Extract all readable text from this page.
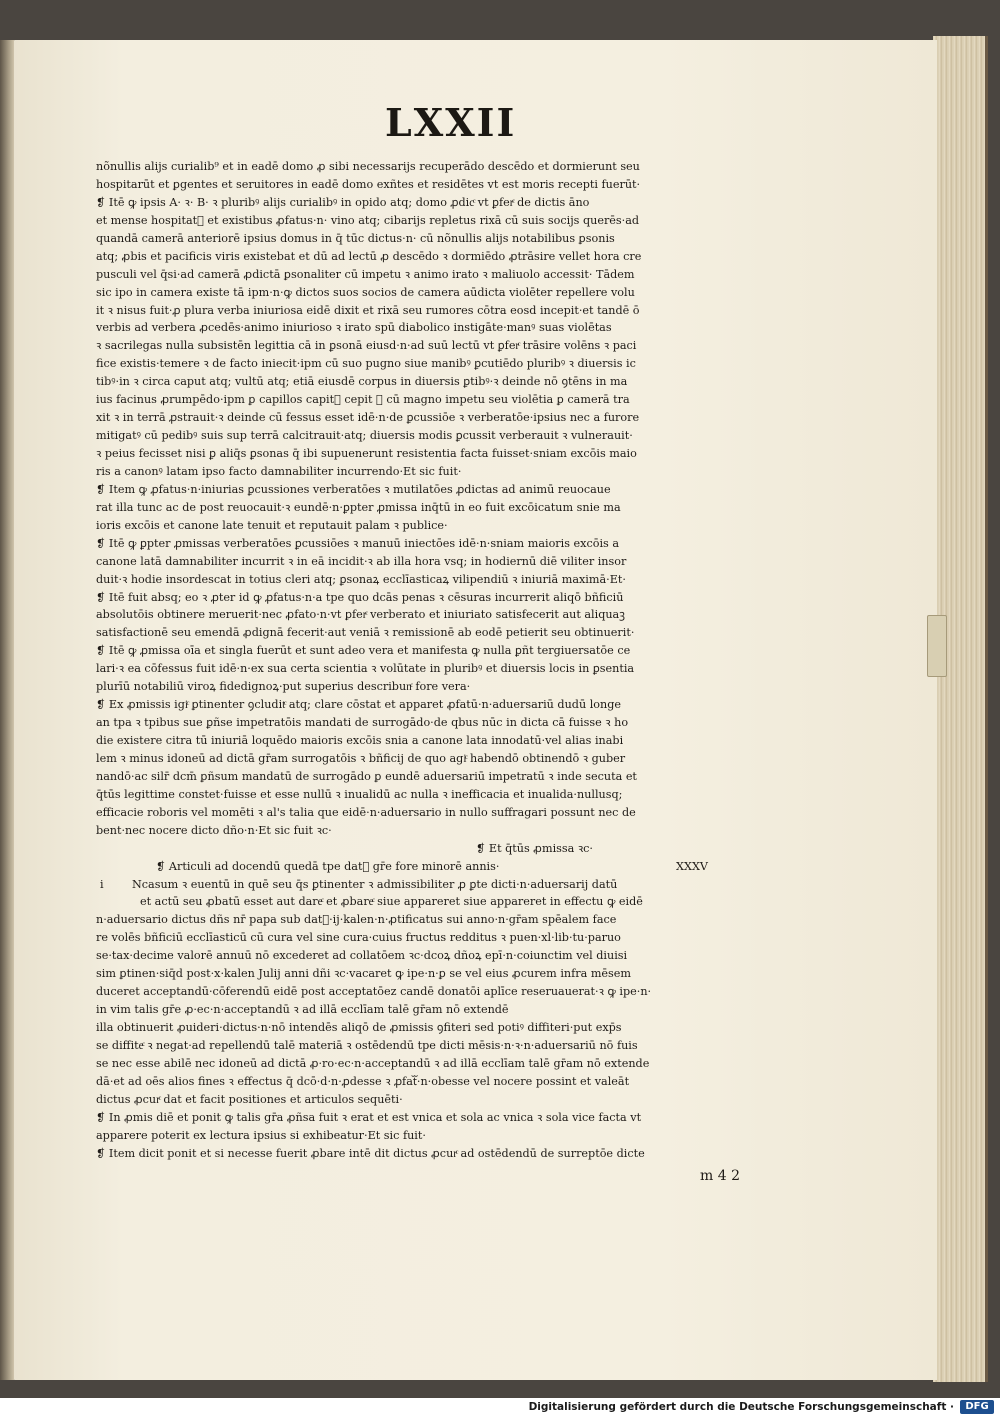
LXXII
nõnullis alijs curialib⁹ et in eadē domo ꝓ sibi necessarijs recuperādo descēdo et dormierunt seu
hospitarūt et ꝑgentes et seruitores in eadē domo exñtes et residētes vt est moris recepti fuerūt·
❡ Itē ꝙ ipsis A· ꝛ· B· ꝛ pluribꝰ alijs curialibꝰ in opido atq; domo ꝓdicͨ vt ꝑferͨ de dictis āno
et mense hospitatᷓ et existibus ꝓfatus·n· vino atq; cibarijs repletus rixā cū suis socijs querēs·ad
quandā camerā anteriorē ipsius domus in q̄ tūc dictus·n· cū nõnullis alijs notabilibus ꝑsonis
atq; ꝓbis et pacificis viris existebat et dū ad lectū ꝓ descēdo ꝛ dormiēdo ꝓtrāsire vellet hora cre
pusculi vel q̄si·ad camerā ꝓdictā ꝑsonaliter cū impetu ꝛ animo irato ꝛ maliuolo accessit· Tādem
sic ipo in camera existe tā ipm·n·ꝙ dictos suos socios de camera aūdicta violēter repellere volu
it ꝛ nisus fuit·ꝓ plura verba iniuriosa eidē dixit et rixā seu rumores cōtra eosd incepit·et tandē ō
verbis ad verbera ꝓcedēs·animo iniurioso ꝛ irato spū diabolico instigāte·manꝰ suas violētas
ꝛ sacrilegas nulla subsistēn legittia cā in ꝑsonā eiusd·n·ad suū lectū vt ꝑferͨ trāsire volēns ꝛ paci
fice existis·temere ꝛ de facto iniecit·ipm cū suo pugno siue manibꝰ ꝑcutiēdo pluribꝰ ꝛ diuersis ic
tibꝰ·in ꝛ circa caput atq; vultū atq; etiā eiusdē corpus in diuersis ꝑtibꝰ·ꝛ deinde nō ꝯtēns in ma
ius facinus ꝓrumpēdo·ipm ꝑ capillos capitᷓ cepit ꝛ cū magno impetu seu violētia ꝑ camerā tra
xit ꝛ in terrā ꝓstrauit·ꝛ deinde cū fessus esset idē·n·de ꝑcussiōe ꝛ verberatōe·ipsius nec a furore
mitigatꝰ cū pedibꝰ suis sup terrā calcitrauit·atq; diuersis modis ꝑcussit verberauit ꝛ vulnerauit·
ꝛ peius fecisset nisi ꝑ aliq̄s ꝑsonas q̄ ibi supuenerunt resistentia facta fuisset·sniam excōis maio
ris a canonꝰ latam ipso facto damnabiliter incurrendo·Et sic fuit·
❡ Item ꝙ ꝓfatus·n·iniurias ꝑcussiones verberatōes ꝛ mutilatōes ꝓdictas ad animū reuocaue
rat illa tunc ac de post reuocauit·ꝛ eundē·n·ꝑpter ꝓmissa inq̄tū in eo fuit excōicatum snie ma
ioris excōis et canone late tenuit et reputauit palam ꝛ publice·
❡ Itē ꝙ ꝑpter ꝓmissas verberatōes ꝑcussiōes ꝛ manuū iniectōes idē·n·sniam maioris excōis a
canone latā damnabiliter incurrit ꝛ in eā incidit·ꝛ ab illa hora vsq; in hodiernū diē viliter insor
duit·ꝛ hodie insordescat in totius cleri atq; ꝑsonaꝝ ecclīasticaꝝ vilipendiū ꝛ iniuriā maximā·Et·
❡ Itē fuit absq; eo ꝛ ꝓter id ꝙ ꝓfatus·n·a tpe quo dcās penas ꝛ cēsuras incurrerit aliqō bñficiū
absolutōis obtinere meruerit·nec ꝓfato·n·vt ꝑferͨ verberato et iniuriato satisfecerit aut aliquaꝫ
satisfactionē seu emendā ꝓdignā fecerit·aut veniā ꝛ remissionē ab eodē petierit seu obtinuerit·
❡ Itē ꝙ ꝓmissa oīa et singla fuerūt et sunt adeo vera et manifesta ꝙ nulla ꝑñt tergiuersatōe ce
lari·ꝛ ea cōfessus fuit idē·n·ex sua certa scientia ꝛ volūtate in pluribꝰ et diuersis locis in ꝑsentia
plurīū notabiliū viroꝝ fidedignoꝝ·put superius describunͨ fore vera·
❡ Ex ꝓmissis igiͨ ꝑtinenter ꝯcluditͨ atq; clare cōstat et apparet ꝓfatū·n·aduersariū dudū longe
an tpa ꝛ tpibus sue ꝑñse impetratōis mandati de surrogādo·de qbus nūc in dicta cā fuisse ꝛ ho
die existere citra tū iniuriā loquēdo maioris excōis snia a canone lata innodatū·vel alias inabi
lem ꝛ minus idoneū ad dictā gr̄am surrogatōis ꝛ bñficij de quo agiͨ habendō obtinendō ꝛ guber
nandō·ac silr̄ dcm̄ ꝑñsum mandatū de surrogādo ꝑ eundē aduersariū impetratū ꝛ inde secuta et
q̄tūs legittime constet·fuisse et esse nullū ꝛ inualidū ac nulla ꝛ inefficacia et inualida·nullusq;
efficacie roboris vel momēti ꝛ al's talia que eidē·n·aduersario in nullo suffragari possunt nec de
bent·nec nocere dicto dño·n·Et sic fuit ꝛc·
❡ Et q̄tūs ꝓmissa ꝛc·
❡ Articuli ad docendū quedā tpe datᷓ gr̄e fore minorē annis·	XXXV
i	Ncasum ꝛ euentū in quē seu q̄s ꝑtinenter ꝛ admissibiliter ꝓ ꝑte dicti·n·aduersarij datū
et actū seu ꝓbatū esset aut dareͨ et ꝓbareͨ siue appareret siue appareret in effectu ꝙ eidē
n·aduersario dictus dñs nr̄ papa sub datᷓ·ij·kalen·n·ꝓtificatus sui anno·n·gr̄am spēalem face
re volēs bñficiū ecclīasticū cū cura vel sine cura·cuius fructus redditus ꝛ puen·xl·lib·tu·paruo
se·tax·decime valorē annuū nō excederet ad collatōem ꝛc·dcoꝝ dñoꝝ epī·n·coiunctim vel diuisi
sim ꝑtinen·siq̄d post·x·kalen Julij anni dñi ꝛc·vacaret ꝙ ipe·n·ꝑ se vel eius ꝓcurem infra mēsem
duceret acceptandū·cōferendū eidē post acceptatōez candē donatōi aplīce reseruauerat·ꝛ ꝙ ipe·n·
in vim talis gr̄e ꝓ·ec·n·acceptandū ꝛ ad illā ecclīam talē gr̄am nō extendē
illa obtinuerit ꝓuideri·dictus·n·nō intendēs aliqō de ꝓmissis ꝯfiteri sed potiꝰ diffiteri·put exp̄s
se diffiteͨ ꝛ negat·ad repellendū talē materiā ꝛ ostēdendū tpe dicti mēsis·n·ꝛ·n·aduersariū nō fuis
se nec esse abilē nec idoneū ad dictā ꝓ·ro·ec·n·acceptandū ꝛ ad illā ecclīam talē gr̄am nō extende
dā·et ad oēs alios fines ꝛ effectus q̄ dcō·d·n·ꝓdesse ꝛ ꝓfatᷓ·n·obesse vel nocere possint et valeāt
dictus ꝓcurͨ dat et facit positiones et articulos sequēti·
❡ In ꝓmis diē et ponit ꝙ talis gr̄a ꝓñsa fuit ꝛ erat et est vnica et sola ac vnica ꝛ sola vice facta vt
apparere poterit ex lectura ipsius si exhibeatur·Et sic fuit·
❡ Item dicit ponit et si necesse fuerit ꝓbare intē dit dictus ꝓcurͨ ad ostēdendū de surreptōe dicte
m 4 2
Digitalisierung gefördert durch die Deutsche Forschungsgemeinschaft ·	DFG
